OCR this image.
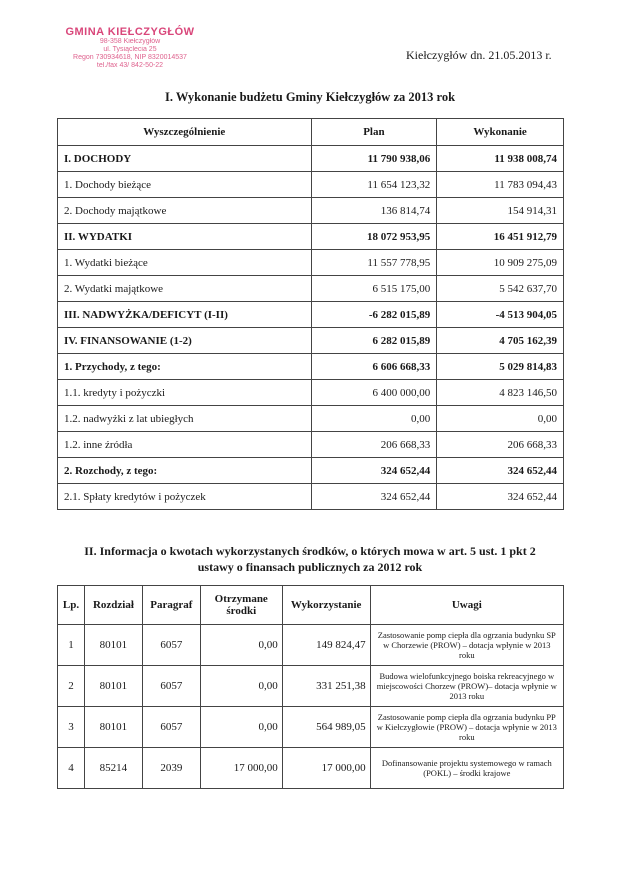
GMINA KIEŁCZYGŁÓW
98-358 Kiełczygłów
ul. Tysiąclecia 25
Regon 730934618, NIP 8320014537
tel./fax 43/ 842-50-22
Kiełczygłów dn. 21.05.2013 r.
I. Wykonanie budżetu Gminy Kiełczygłów za 2013 rok
Wyszczególnienie	Plan	Wykonanie
I. DOCHODY	11 790 938,06	11 938 008,74
1. Dochody bieżące	11 654 123,32	11 783 094,43
2. Dochody majątkowe	136 814,74	154 914,31
II. WYDATKI	18 072 953,95	16 451 912,79
1. Wydatki bieżące	11 557 778,95	10 909 275,09
2. Wydatki majątkowe	6 515 175,00	5 542 637,70
III. NADWYŻKA/DEFICYT (I-II)	-6 282 015,89	-4 513 904,05
IV. FINANSOWANIE (1-2)	6 282 015,89	4 705 162,39
1. Przychody, z tego:	6 606 668,33	5 029 814,83
1.1. kredyty i pożyczki	6 400 000,00	4 823 146,50
1.2. nadwyżki z lat ubiegłych	0,00	0,00
1.2. inne źródła	206 668,33	206 668,33
2. Rozchody, z tego:	324 652,44	324 652,44
2.1. Spłaty kredytów i pożyczek	324 652,44	324 652,44
II. Informacja o kwotach wykorzystanych środków, o których mowa w art. 5 ust. 1 pkt 2 ustawy o finansach publicznych za 2012 rok
Lp.	Rozdział	Paragraf	Otrzymane środki	Wykorzystanie	Uwagi
1	80101	6057	0,00	149 824,47	Zastosowanie pomp ciepła dla ogrzania budynku SP w Chorzewie (PROW) – dotacja wpłynie w 2013 roku
2	80101	6057	0,00	331 251,38	Budowa wielofunkcyjnego boiska rekreacyjnego w miejscowości Chorzew (PROW)– dotacja wpłynie w 2013 roku
3	80101	6057	0,00	564 989,05	Zastosowanie pomp ciepła dla ogrzania budynku PP w Kiełczygłowie (PROW) – dotacja wpłynie w 2013 roku
4	85214	2039	17 000,00	17 000,00	Dofinansowanie projektu systemowego w ramach (POKL) – środki krajowe
